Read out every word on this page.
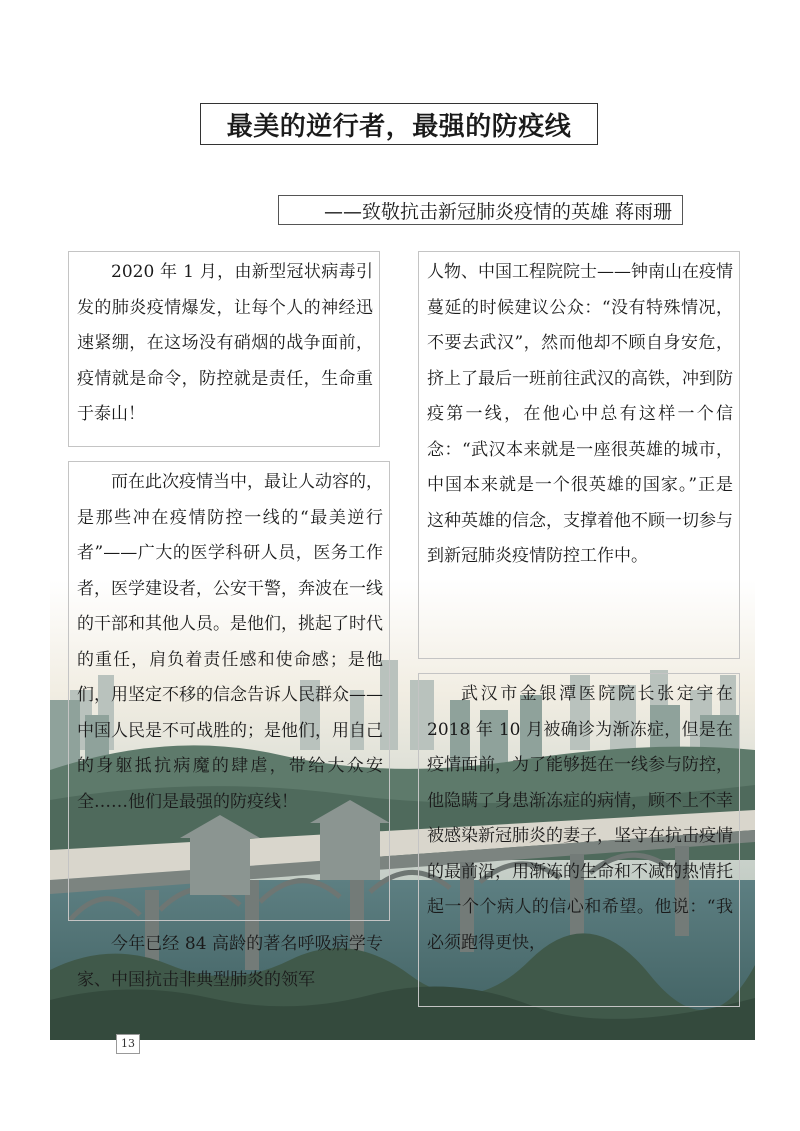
最美的逆行者，最强的防疫线
——致敬抗击新冠肺炎疫情的英雄 蒋雨珊
2020 年 1 月，由新型冠状病毒引发的肺炎疫情爆发，让每个人的神经迅速紧绷，在这场没有硝烟的战争面前，疫情就是命令，防控就是责任，生命重于泰山！
而在此次疫情当中，最让人动容的，是那些冲在疫情防控一线的“最美逆行者”——广大的医学科研人员，医务工作者，医学建设者，公安干警，奔波在一线的干部和其他人员。是他们，挑起了时代的重任，肩负着责任感和使命感；是他们，用坚定不移的信念告诉人民群众——中国人民是不可战胜的；是他们，用自己的身躯抵抗病魔的肆虐，带给大众安全……他们是最强的防疫线！
今年已经 84 高龄的著名呼吸病学专家、中国抗击非典型肺炎的领军
人物、中国工程院院士——钟南山在疫情蔓延的时候建议公众：“没有特殊情况，不要去武汉”，然而他却不顾自身安危，挤上了最后一班前往武汉的高铁，冲到防疫第一线，在他心中总有这样一个信念：“武汉本来就是一座很英雄的城市，中国本来就是一个很英雄的国家。”正是这种英雄的信念，支撑着他不顾一切参与到新冠肺炎疫情防控工作中。
武汉市金银潭医院院长张定宇在 2018 年 10 月被确诊为渐冻症，但是在疫情面前，为了能够挺在一线参与防控，他隐瞒了身患渐冻症的病情，顾不上不幸被感染新冠肺炎的妻子，坚守在抗击疫情的最前沿，用渐冻的生命和不减的热情托起一个个病人的信心和希望。他说：“我必须跑得更快，
13
